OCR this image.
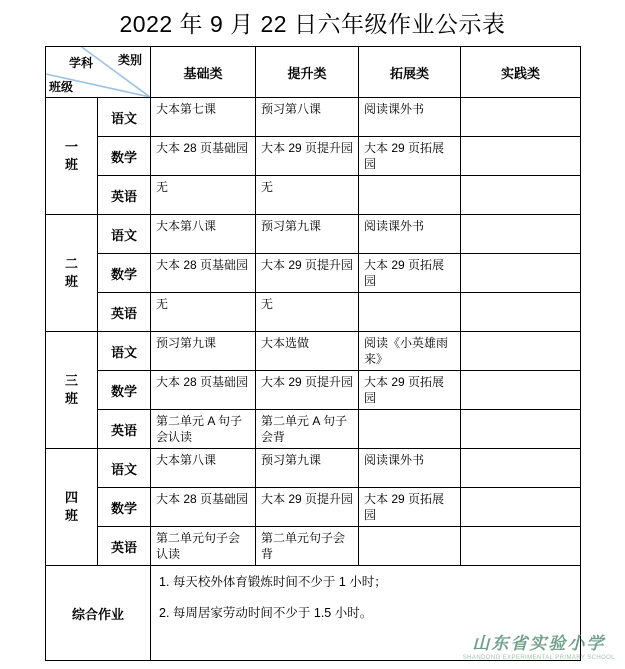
2022 年 9 月 22 日六年级作业公示表
学科 类别
班级		基础类	提升类	拓展类	实践类
一班	语文	大本第七课	预习第八课	阅读课外书	
	数学	大本 28 页基础园	大本 29 页提升园	大本 29 页拓展园	
	英语	无	无		
二班	语文	大本第八课	预习第九课	阅读课外书	
	数学	大本 28 页基础园	大本 29 页提升园	大本 29 页拓展园	
	英语	无	无		
三班	语文	预习第九课	大本选做	阅读《小英雄雨来》	
	数学	大本 28 页基础园	大本 29 页提升园	大本 29 页拓展园	
	英语	第二单元 A 句子会认读	第二单元 A 句子会背		
四班	语文	大本第八课	预习第九课	阅读课外书	
	数学	大本 28 页基础园	大本 29 页提升园	大本 29 页拓展园	
	英语	第二单元句子会认读	第二单元句子会背		
综合作业		1. 每天校外体育锻炼时间不少于 1 小时；

2. 每周居家劳动时间不少于 1.5 小时。			

山东省实验小学
SHANDONG EXPERIMENTAL PRIMARY SCHOOL
